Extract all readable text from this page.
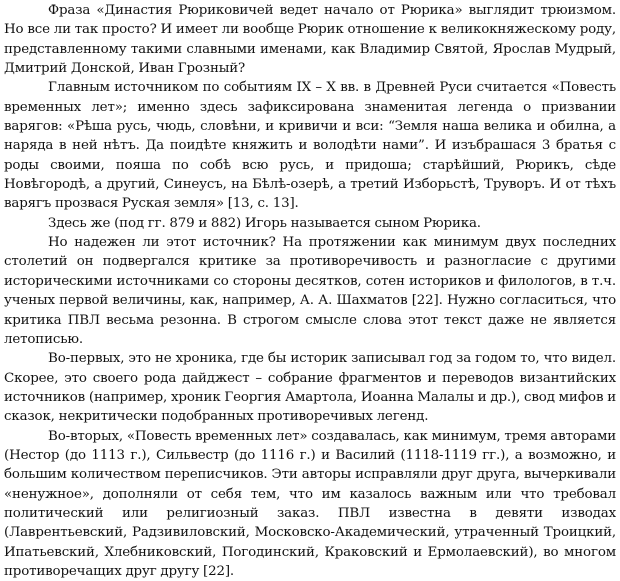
Фраза «Династия Рюриковичей ведет начало от Рюрика» выглядит трюизмом. Но все ли так просто? И имеет ли вообще Рюрик отношение к великокняжескому роду, представленному такими славными именами, как Владимир Святой, Ярослав Мудрый, Дмитрий Донской, Иван Грозный?

Главным источником по событиям IX – X вв. в Древней Руси считается «Повесть временных лет»; именно здесь зафиксирована знаменитая легенда о призвании варягов: «Рѣша русь, чюдь, словѣни, и кривичи и вси: “Земля наша велика и обилна, а наряда в ней нѣтъ. Да поидѣте княжить и володѣти нами”. И изъбрашася 3 братья с роды своими, пояша по собѣ всю русь, и придоша; старѣйший, Рюрикъ, сѣде Новѣгородѣ, а другий, Синеусъ, на Бѣлѣ-озерѣ, а третий Изборьстѣ, Труворъ. И от тѣхъ варягъ прозвася Руская земля» [13, с. 13].

Здесь же (под гг. 879 и 882) Игорь называется сыном Рюрика.

Но надежен ли этот источник? На протяжении как минимум двух последних столетий он подвергался критике за противоречивость и разногласие с другими историческими источниками со стороны десятков, сотен историков и филологов, в т.ч. ученых первой величины, как, например, А. А. Шахматов [22]. Нужно согласиться, что критика ПВЛ весьма резонна. В строгом смысле слова этот текст даже не является летописью.

Во-первых, это не хроника, где бы историк записывал год за годом то, что видел. Скорее, это своего рода дайджест – собрание фрагментов и переводов византийских источников (например, хроник Георгия Амартола, Иоанна Малалы и др.), свод мифов и сказок, некритически подобранных противоречивых легенд.

Во-вторых, «Повесть временных лет» создавалась, как минимум, тремя авторами (Нестор (до 1113 г.), Сильвестр (до 1116 г.) и Василий (1118-1119 гг.), а возможно, и большим количеством переписчиков. Эти авторы исправляли друг друга, вычеркивали «ненужное», дополняли от себя тем, что им казалось важным или что требовал политический или религиозный заказ. ПВЛ известна в девяти изводах (Лаврентьевский, Радзивиловский, Московско-Академический, утраченный Троицкий, Ипатьевский, Хлебниковский, Погодинский, Краковский и Ермолаевский), во многом противоречащих друг другу [22].
